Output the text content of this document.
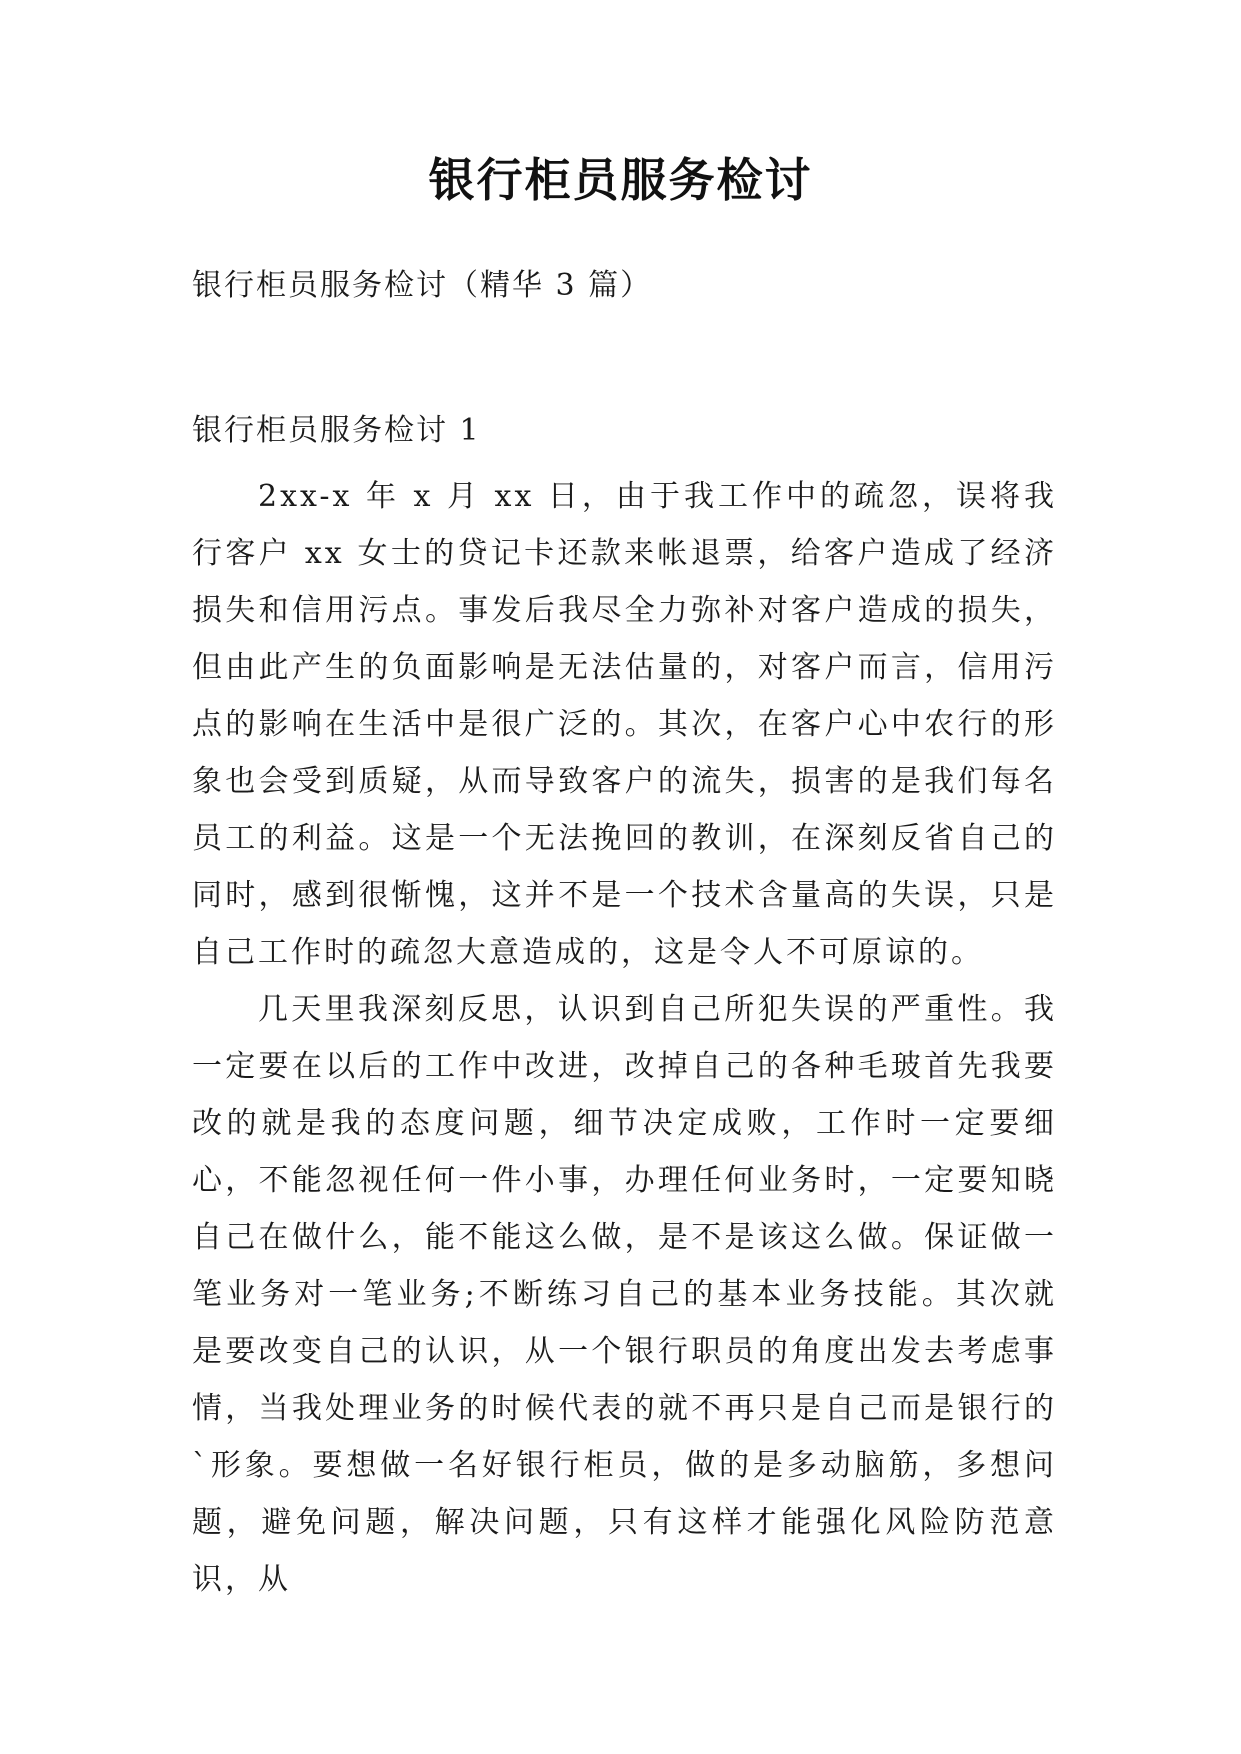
银行柜员服务检讨
银行柜员服务检讨（精华 3 篇）
银行柜员服务检讨 1

2xx-x 年 x 月 xx 日，由于我工作中的疏忽，误将我行客户 xx 女士的贷记卡还款来帐退票，给客户造成了经济损失和信用污点。事发后我尽全力弥补对客户造成的损失，但由此产生的负面影响是无法估量的，对客户而言，信用污点的影响在生活中是很广泛的。其次，在客户心中农行的形象也会受到质疑，从而导致客户的流失，损害的是我们每名员工的利益。这是一个无法挽回的教训，在深刻反省自己的同时，感到很惭愧，这并不是一个技术含量高的失误，只是自己工作时的疏忽大意造成的，这是令人不可原谅的。

几天里我深刻反思，认识到自己所犯失误的严重性。我一定要在以后的工作中改进，改掉自己的各种毛玻首先我要改的就是我的态度问题，细节决定成败，工作时一定要细心，不能忽视任何一件小事，办理任何业务时，一定要知晓自己在做什么，能不能这么做，是不是该这么做。保证做一笔业务对一笔业务;不断练习自己的基本业务技能。其次就是要改变自己的认识，从一个银行职员的角度出发去考虑事情，当我处理业务的时候代表的就不再只是自己而是银行的`形象。要想做一名好银行柜员，做的是多动脑筋，多想问题，避免问题，解决问题，只有这样才能强化风险防范意识，从
